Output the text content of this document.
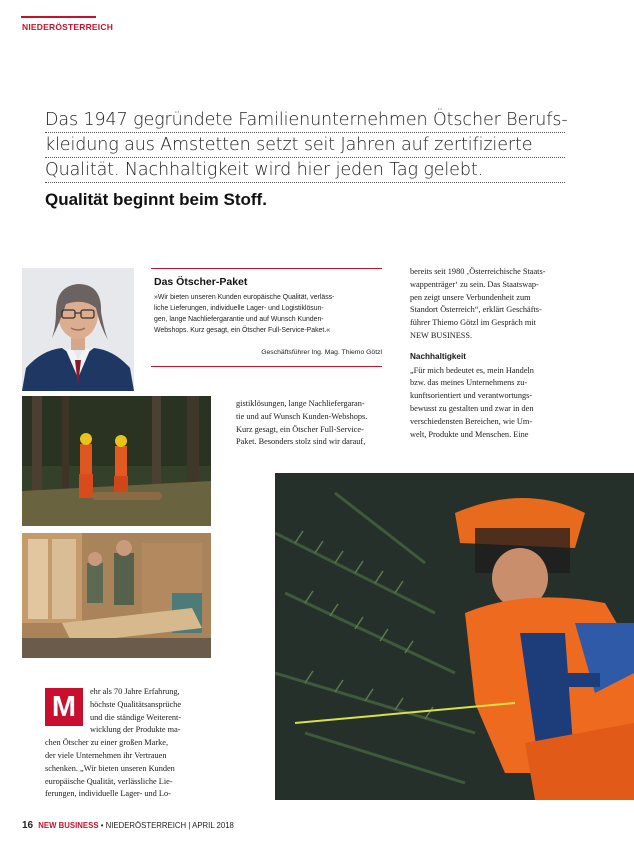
NIEDERÖSTERREICH
Das 1947 gegründete Familienunternehmen Ötscher Berufs-
kleidung aus Amstetten setzt seit Jahren auf zertifizierte
Qualität. Nachhaltigkeit wird hier jeden Tag gelebt.
Qualität beginnt beim Stoff.
Das Ötscher-Paket
»Wir bieten unseren Kunden europäische Qualität, verläss-
liche Lieferungen, individuelle Lager- und Logistiklösun-
gen, lange Nachliefergarantie und auf Wunsch Kunden-
Webshops. Kurz gesagt, ein Ötscher Full-Service-Paket.«
Geschäftsführer Ing. Mag. Thiemo Götzl
bereits seit 1980 ‚Österreichische Staats-
wappenträger‘ zu sein. Das Staatswap-
pen zeigt unsere Verbundenheit zum
Standort Österreich“, erklärt Geschäfts-
führer Thiemo Götzl im Gespräch mit
NEW BUSINESS.
Nachhaltigkeit
„Für mich bedeutet es, mein Handeln
bzw. das meines Unternehmens zu-
kunftsorientiert und verantwortungs-
bewusst zu gestalten und zwar in den
verschiedensten Bereichen, wie Um-
welt, Produkte und Menschen. Eine
gistiklösungen, lange Nachliefergaran-
tie und auf Wunsch Kunden-Webshops.
Kurz gesagt, ein Ötscher Full-Service-
Paket. Besonders stolz sind wir darauf,
M	ehr als 70 Jahre Erfahrung,
höchste Qualitätsansprüche
und die ständige Weiterent-
wicklung der Produkte ma-
chen Ötscher zu einer großen Marke,
der viele Unternehmen ihr Vertrauen
schenken. „Wir bieten unseren Kunden
europäische Qualität, verlässliche Lie-
ferungen, individuelle Lager- und Lo-
16 NEW BUSINESS • NIEDERÖSTERREICH | APRIL 2018
